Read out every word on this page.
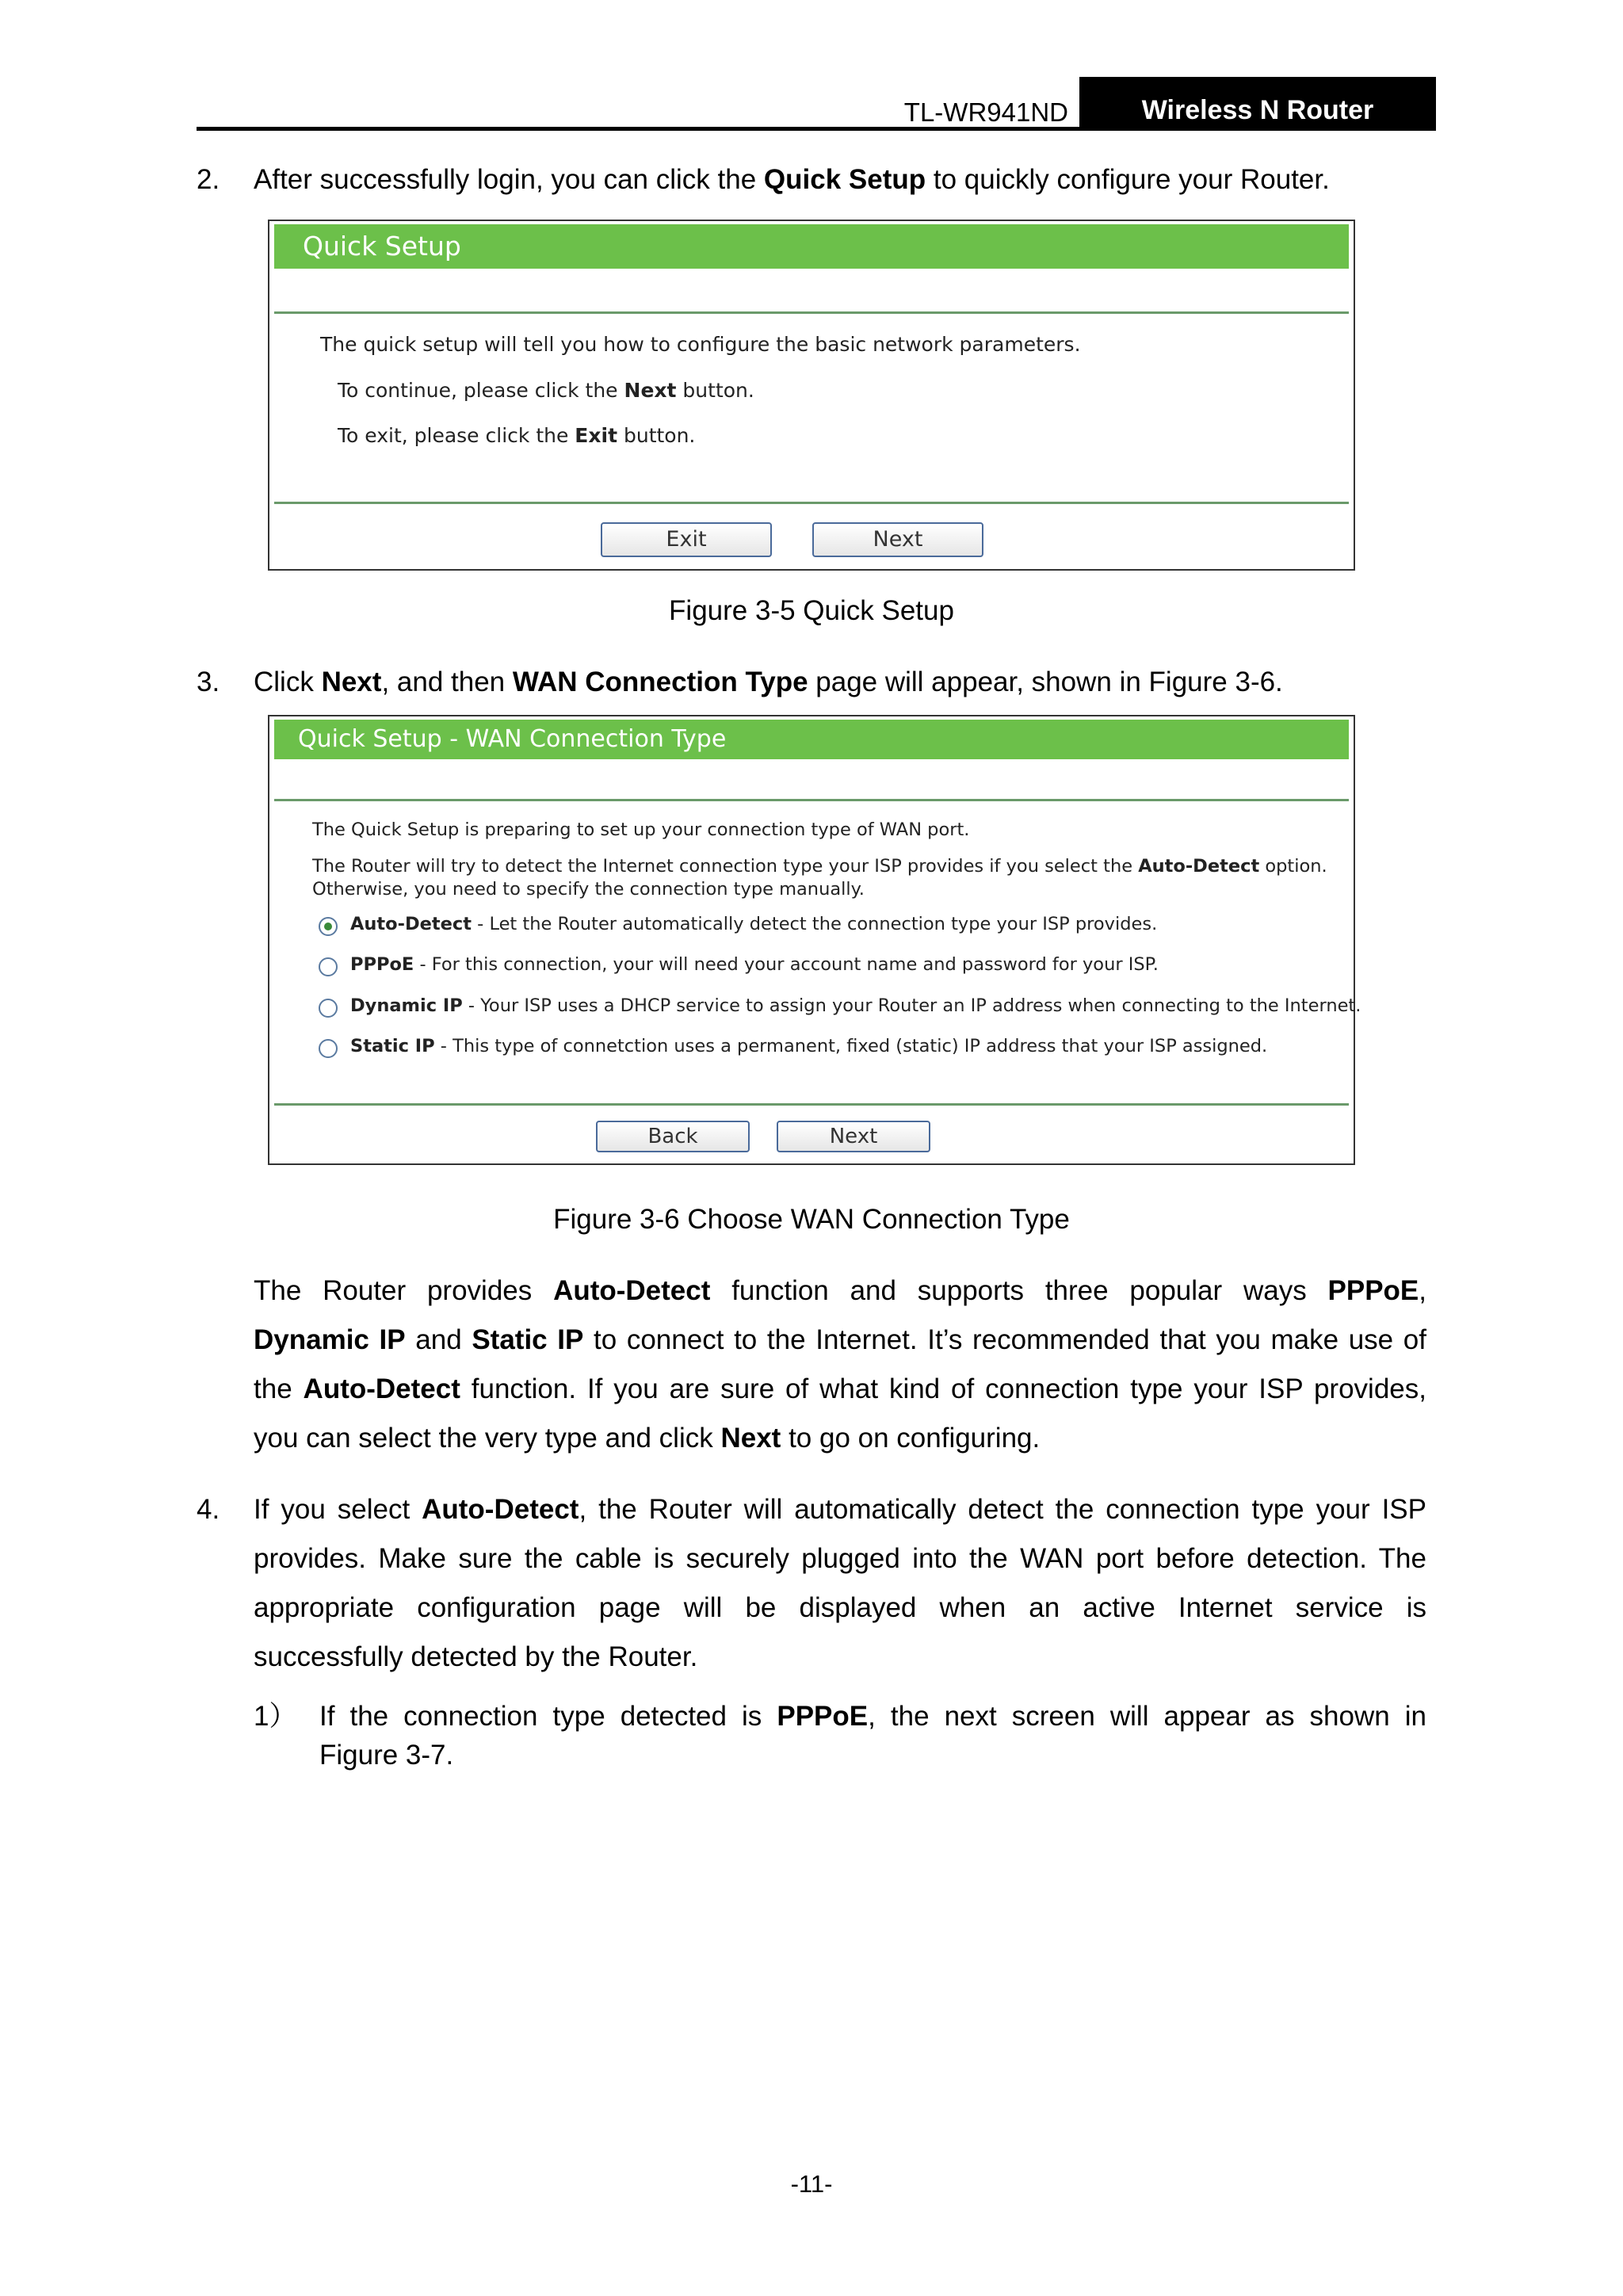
TL-WR941ND	Wireless N Router
2. After successfully login, you can click the Quick Setup to quickly configure your Router.
Quick Setup
The quick setup will tell you how to configure the basic network parameters.
To continue, please click the Next button.
To exit, please click the Exit button.
Exit	Next
Figure 3-5 Quick Setup
3. Click Next, and then WAN Connection Type page will appear, shown in Figure 3-6.
Quick Setup - WAN Connection Type
The Quick Setup is preparing to set up your connection type of WAN port.
The Router will try to detect the Internet connection type your ISP provides if you select the Auto-Detect option.
Otherwise, you need to specify the connection type manually.
Auto-Detect - Let the Router automatically detect the connection type your ISP provides.
PPPoE - For this connection, your will need your account name and password for your ISP.
Dynamic IP - Your ISP uses a DHCP service to assign your Router an IP address when connecting to the Internet.
Static IP - This type of connetction uses a permanent, fixed (static) IP address that your ISP assigned.
Back	Next
Figure 3-6 Choose WAN Connection Type
The Router provides Auto-Detect function and supports three popular ways PPPoE,
Dynamic IP and Static IP to connect to the Internet. It’s recommended that you make use of
the Auto-Detect function. If you are sure of what kind of connection type your ISP provides,
you can select the very type and click Next to go on configuring.
4. If you select Auto-Detect, the Router will automatically detect the connection type your ISP
provides. Make sure the cable is securely plugged into the WAN port before detection. The
appropriate configuration page will be displayed when an active Internet service is
successfully detected by the Router.
1） If the connection type detected is PPPoE, the next screen will appear as shown in
Figure 3-7.
-11-
